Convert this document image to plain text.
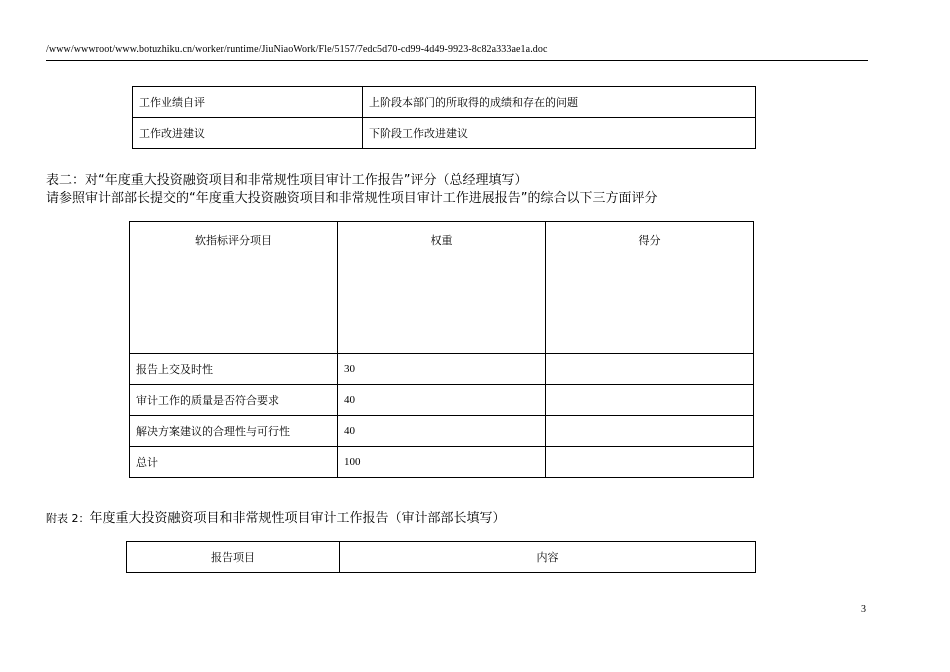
/www/wwwroot/www.botuzhiku.cn/worker/runtime/JiuNiaoWork/Fle/5157/7edc5d70-cd99-4d49-9923-8c82a333ae1a.doc
工作业绩自评	上阶段本部门的所取得的成绩和存在的问题
工作改进建议	下阶段工作改进建议
表二：对“年度重大投资融资项目和非常规性项目审计工作报告”评分（总经理填写）
请参照审计部部长提交的“年度重大投资融资项目和非常规性项目审计工作进展报告”的综合以下三方面评分
软指标评分项目	权重	得分
报告上交及时性	30	
审计工作的质量是否符合要求	40	
解决方案建议的合理性与可行性	40	
总计	100	
附表 2：年度重大投资融资项目和非常规性项目审计工作报告（审计部部长填写）
报告项目	内容
3
